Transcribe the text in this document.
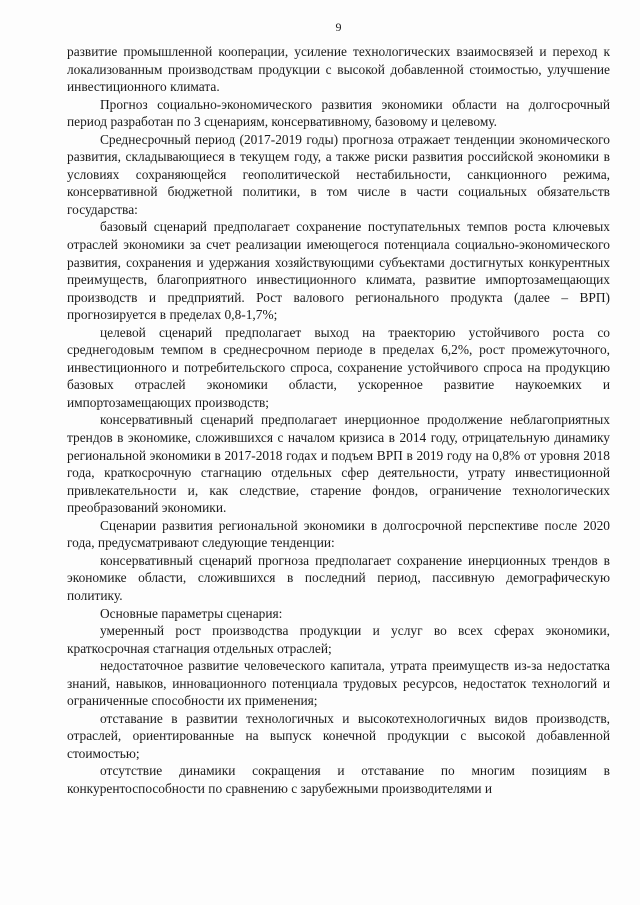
9

развитие промышленной кооперации, усиление технологических взаимосвязей и переход к локализованным производствам продукции с высокой добавленной стоимостью, улучшение инвестиционного климата.

Прогноз социально-экономического развития экономики области на долгосрочный период разработан по 3 сценариям, консервативному, базовому и целевому.

Среднесрочный период (2017-2019 годы) прогноза отражает тенденции экономического развития, складывающиеся в текущем году, а также риски развития российской экономики в условиях сохраняющейся геополитической нестабильности, санкционного режима, консервативной бюджетной политики, в том числе в части социальных обязательств государства:

базовый сценарий предполагает сохранение поступательных темпов роста ключевых отраслей экономики за счет реализации имеющегося потенциала социально-экономического развития, сохранения и удержания хозяйствующими субъектами достигнутых конкурентных преимуществ, благоприятного инвестиционного климата, развитие импортозамещающих производств и предприятий. Рост валового регионального продукта (далее – ВРП) прогнозируется в пределах 0,8-1,7%;

целевой сценарий предполагает выход на траекторию устойчивого роста со среднегодовым темпом в среднесрочном периоде в пределах 6,2%, рост промежуточного, инвестиционного и потребительского спроса, сохранение устойчивого спроса на продукцию базовых отраслей экономики области, ускоренное развитие наукоемких и импортозамещающих производств;

консервативный сценарий предполагает инерционное продолжение неблагоприятных трендов в экономике, сложившихся с началом кризиса в 2014 году, отрицательную динамику региональной экономики в 2017-2018 годах и подъем ВРП в 2019 году на 0,8% от уровня 2018 года, краткосрочную стагнацию отдельных сфер деятельности, утрату инвестиционной привлекательности и, как следствие, старение фондов, ограничение технологических преобразований экономики.

Сценарии развития региональной экономики в долгосрочной перспективе после 2020 года, предусматривают следующие тенденции:

консервативный сценарий прогноза предполагает сохранение инерционных трендов в экономике области, сложившихся в последний период, пассивную демографическую политику.

Основные параметры сценария:

умеренный рост производства продукции и услуг во всех сферах экономики, краткосрочная стагнация отдельных отраслей;

недостаточное развитие человеческого капитала, утрата преимуществ из-за недостатка знаний, навыков, инновационного потенциала трудовых ресурсов, недостаток технологий и ограниченные способности их применения;

отставание в развитии технологичных и высокотехнологичных видов производств, отраслей, ориентированные на выпуск конечной продукции с высокой добавленной стоимостью;

отсутствие динамики сокращения и отставание по многим позициям в конкурентоспособности по сравнению с зарубежными производителями и
